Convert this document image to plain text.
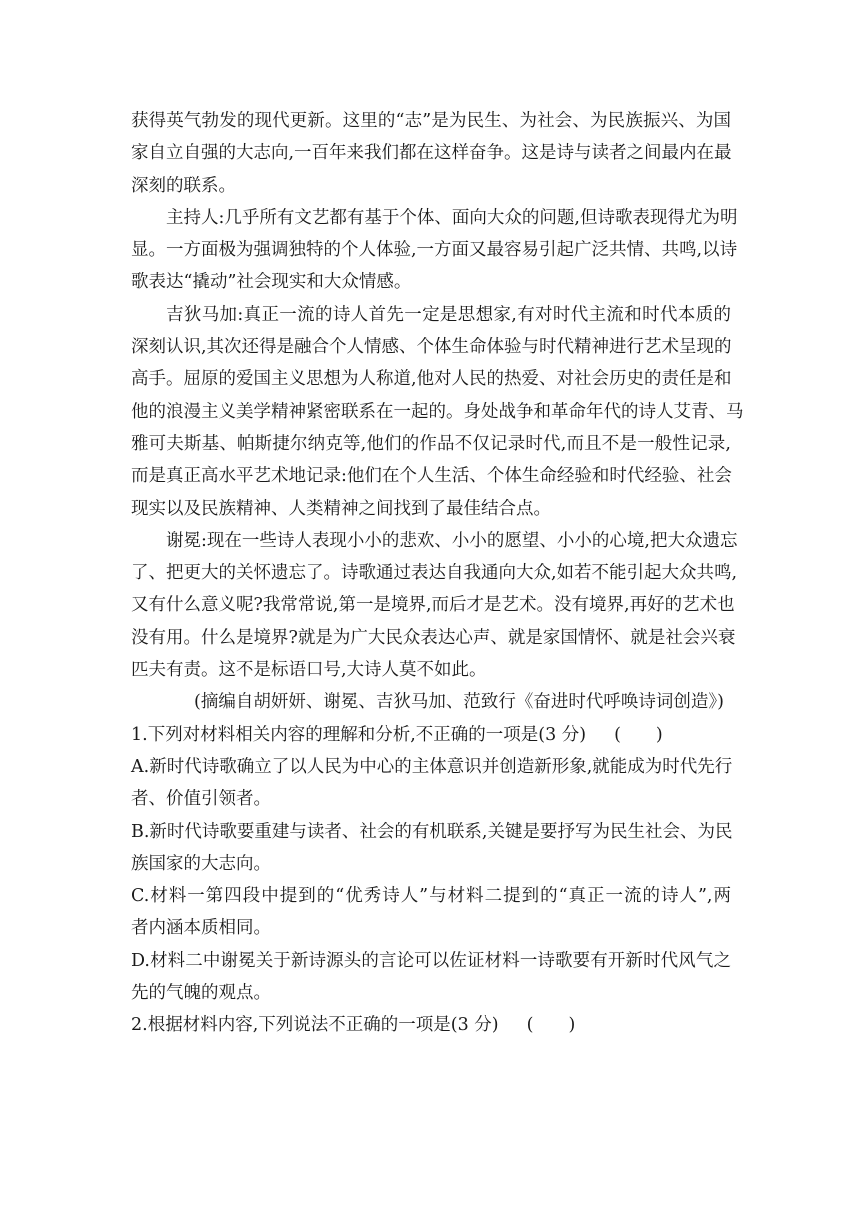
获得英气勃发的现代更新。这里的“志”是为民生、为社会、为民族振兴、为国
家自立自强的大志向,一百年来我们都在这样奋争。这是诗与读者之间最内在最
深刻的联系。

主持人:几乎所有文艺都有基于个体、面向大众的问题,但诗歌表现得尤为明
显。一方面极为强调独特的个人体验,一方面又最容易引起广泛共情、共鸣,以诗
歌表达“撬动”社会现实和大众情感。

吉狄马加:真正一流的诗人首先一定是思想家,有对时代主流和时代本质的
深刻认识,其次还得是融合个人情感、个体生命体验与时代精神进行艺术呈现的
高手。屈原的爱国主义思想为人称道,他对人民的热爱、对社会历史的责任是和
他的浪漫主义美学精神紧密联系在一起的。身处战争和革命年代的诗人艾青、马
雅可夫斯基、帕斯捷尔纳克等,他们的作品不仅记录时代,而且不是一般性记录,
而是真正高水平艺术地记录:他们在个人生活、个体生命经验和时代经验、社会
现实以及民族精神、人类精神之间找到了最佳结合点。

谢冕:现在一些诗人表现小小的悲欢、小小的愿望、小小的心境,把大众遗忘
了、把更大的关怀遗忘了。诗歌通过表达自我通向大众,如若不能引起大众共鸣,
又有什么意义呢?我常常说,第一是境界,而后才是艺术。没有境界,再好的艺术也
没有用。什么是境界?就是为广大民众表达心声、就是家国情怀、就是社会兴衰
匹夫有责。这不是标语口号,大诗人莫不如此。

(摘编自胡妍妍、谢冕、吉狄马加、范致行《奋进时代呼唤诗词创造》)

1.下列对材料相关内容的理解和分析,不正确的一项是(3 分) (　　)

A.新时代诗歌确立了以人民为中心的主体意识并创造新形象,就能成为时代先行
者、价值引领者。

B.新时代诗歌要重建与读者、社会的有机联系,关键是要抒写为民生社会、为民
族国家的大志向。

C.材料一第四段中提到的“优秀诗人”与材料二提到的“真正一流的诗人”,两
者内涵本质相同。

D.材料二中谢冕关于新诗源头的言论可以佐证材料一诗歌要有开新时代风气之
先的气魄的观点。

2.根据材料内容,下列说法不正确的一项是(3 分) (　　)
